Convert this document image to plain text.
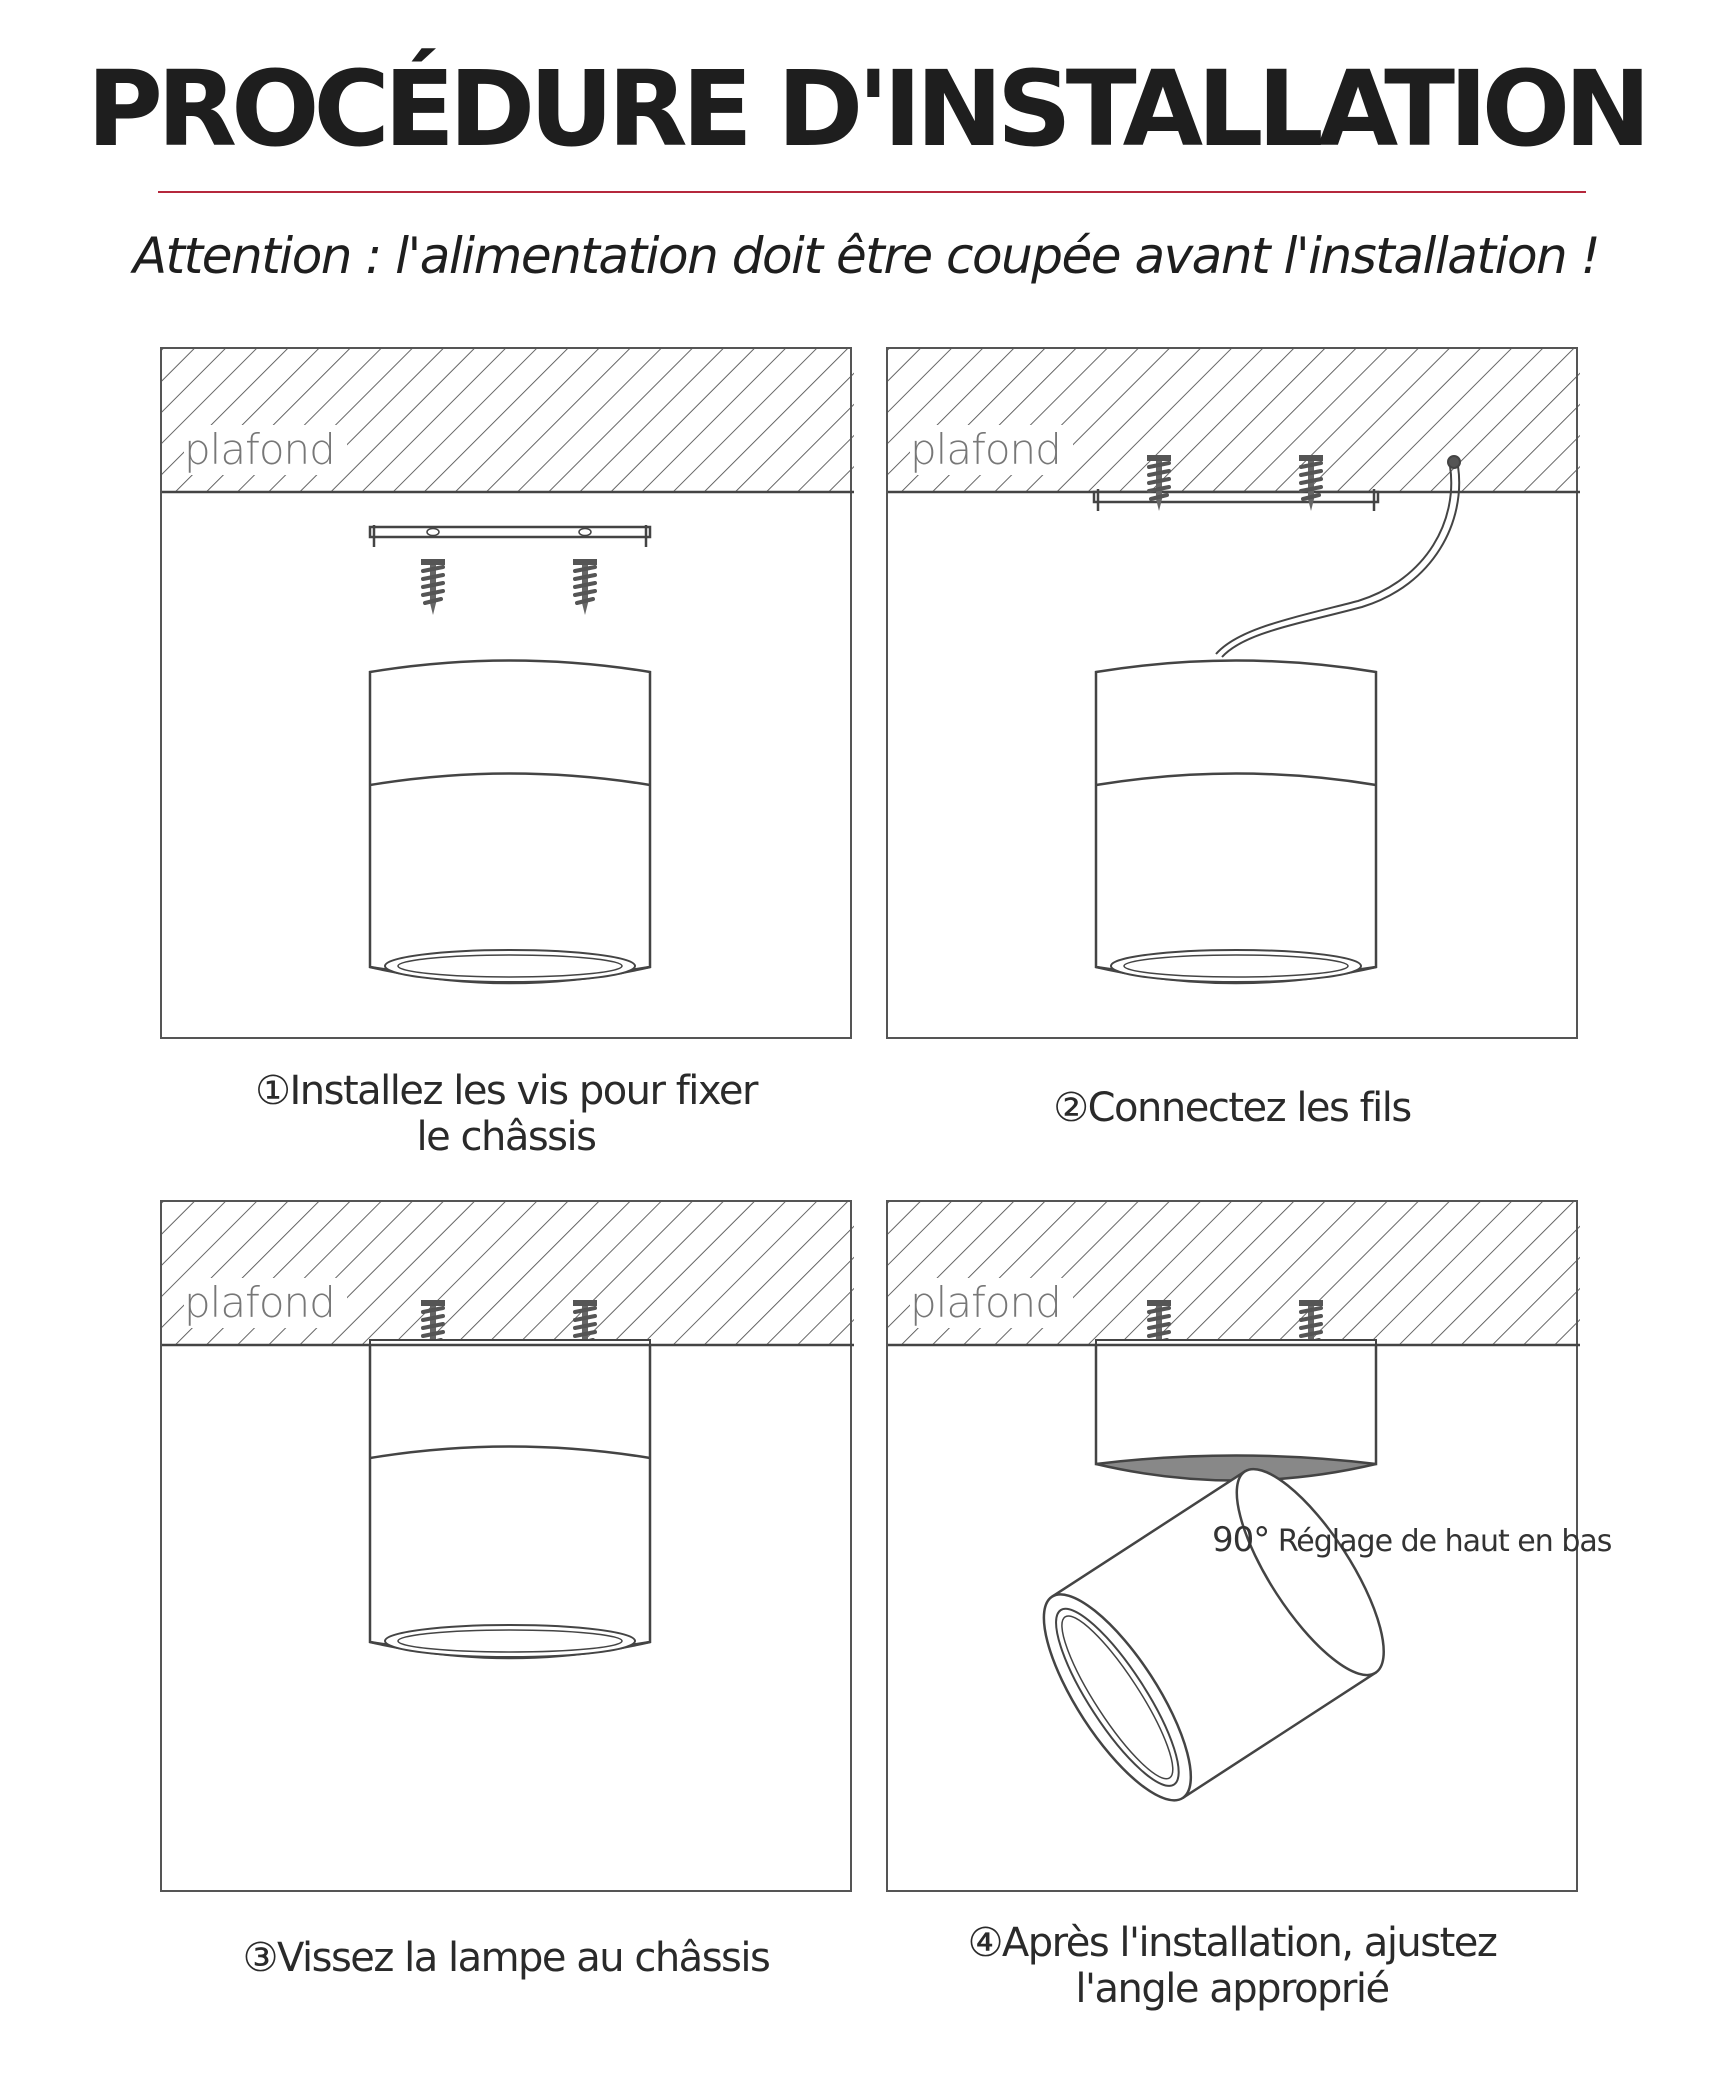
PROCÉDURE D'INSTALLATION

Attention : l'alimentation doit être coupée avant l'installation !

plafond	plafond
plafond	plafond
90° Réglage de haut en bas
①Installez les vis pour fixer
le châssis
②Connectez les fils
③Vissez la lampe au châssis	④Après l'installation, ajustez
l'angle approprié
